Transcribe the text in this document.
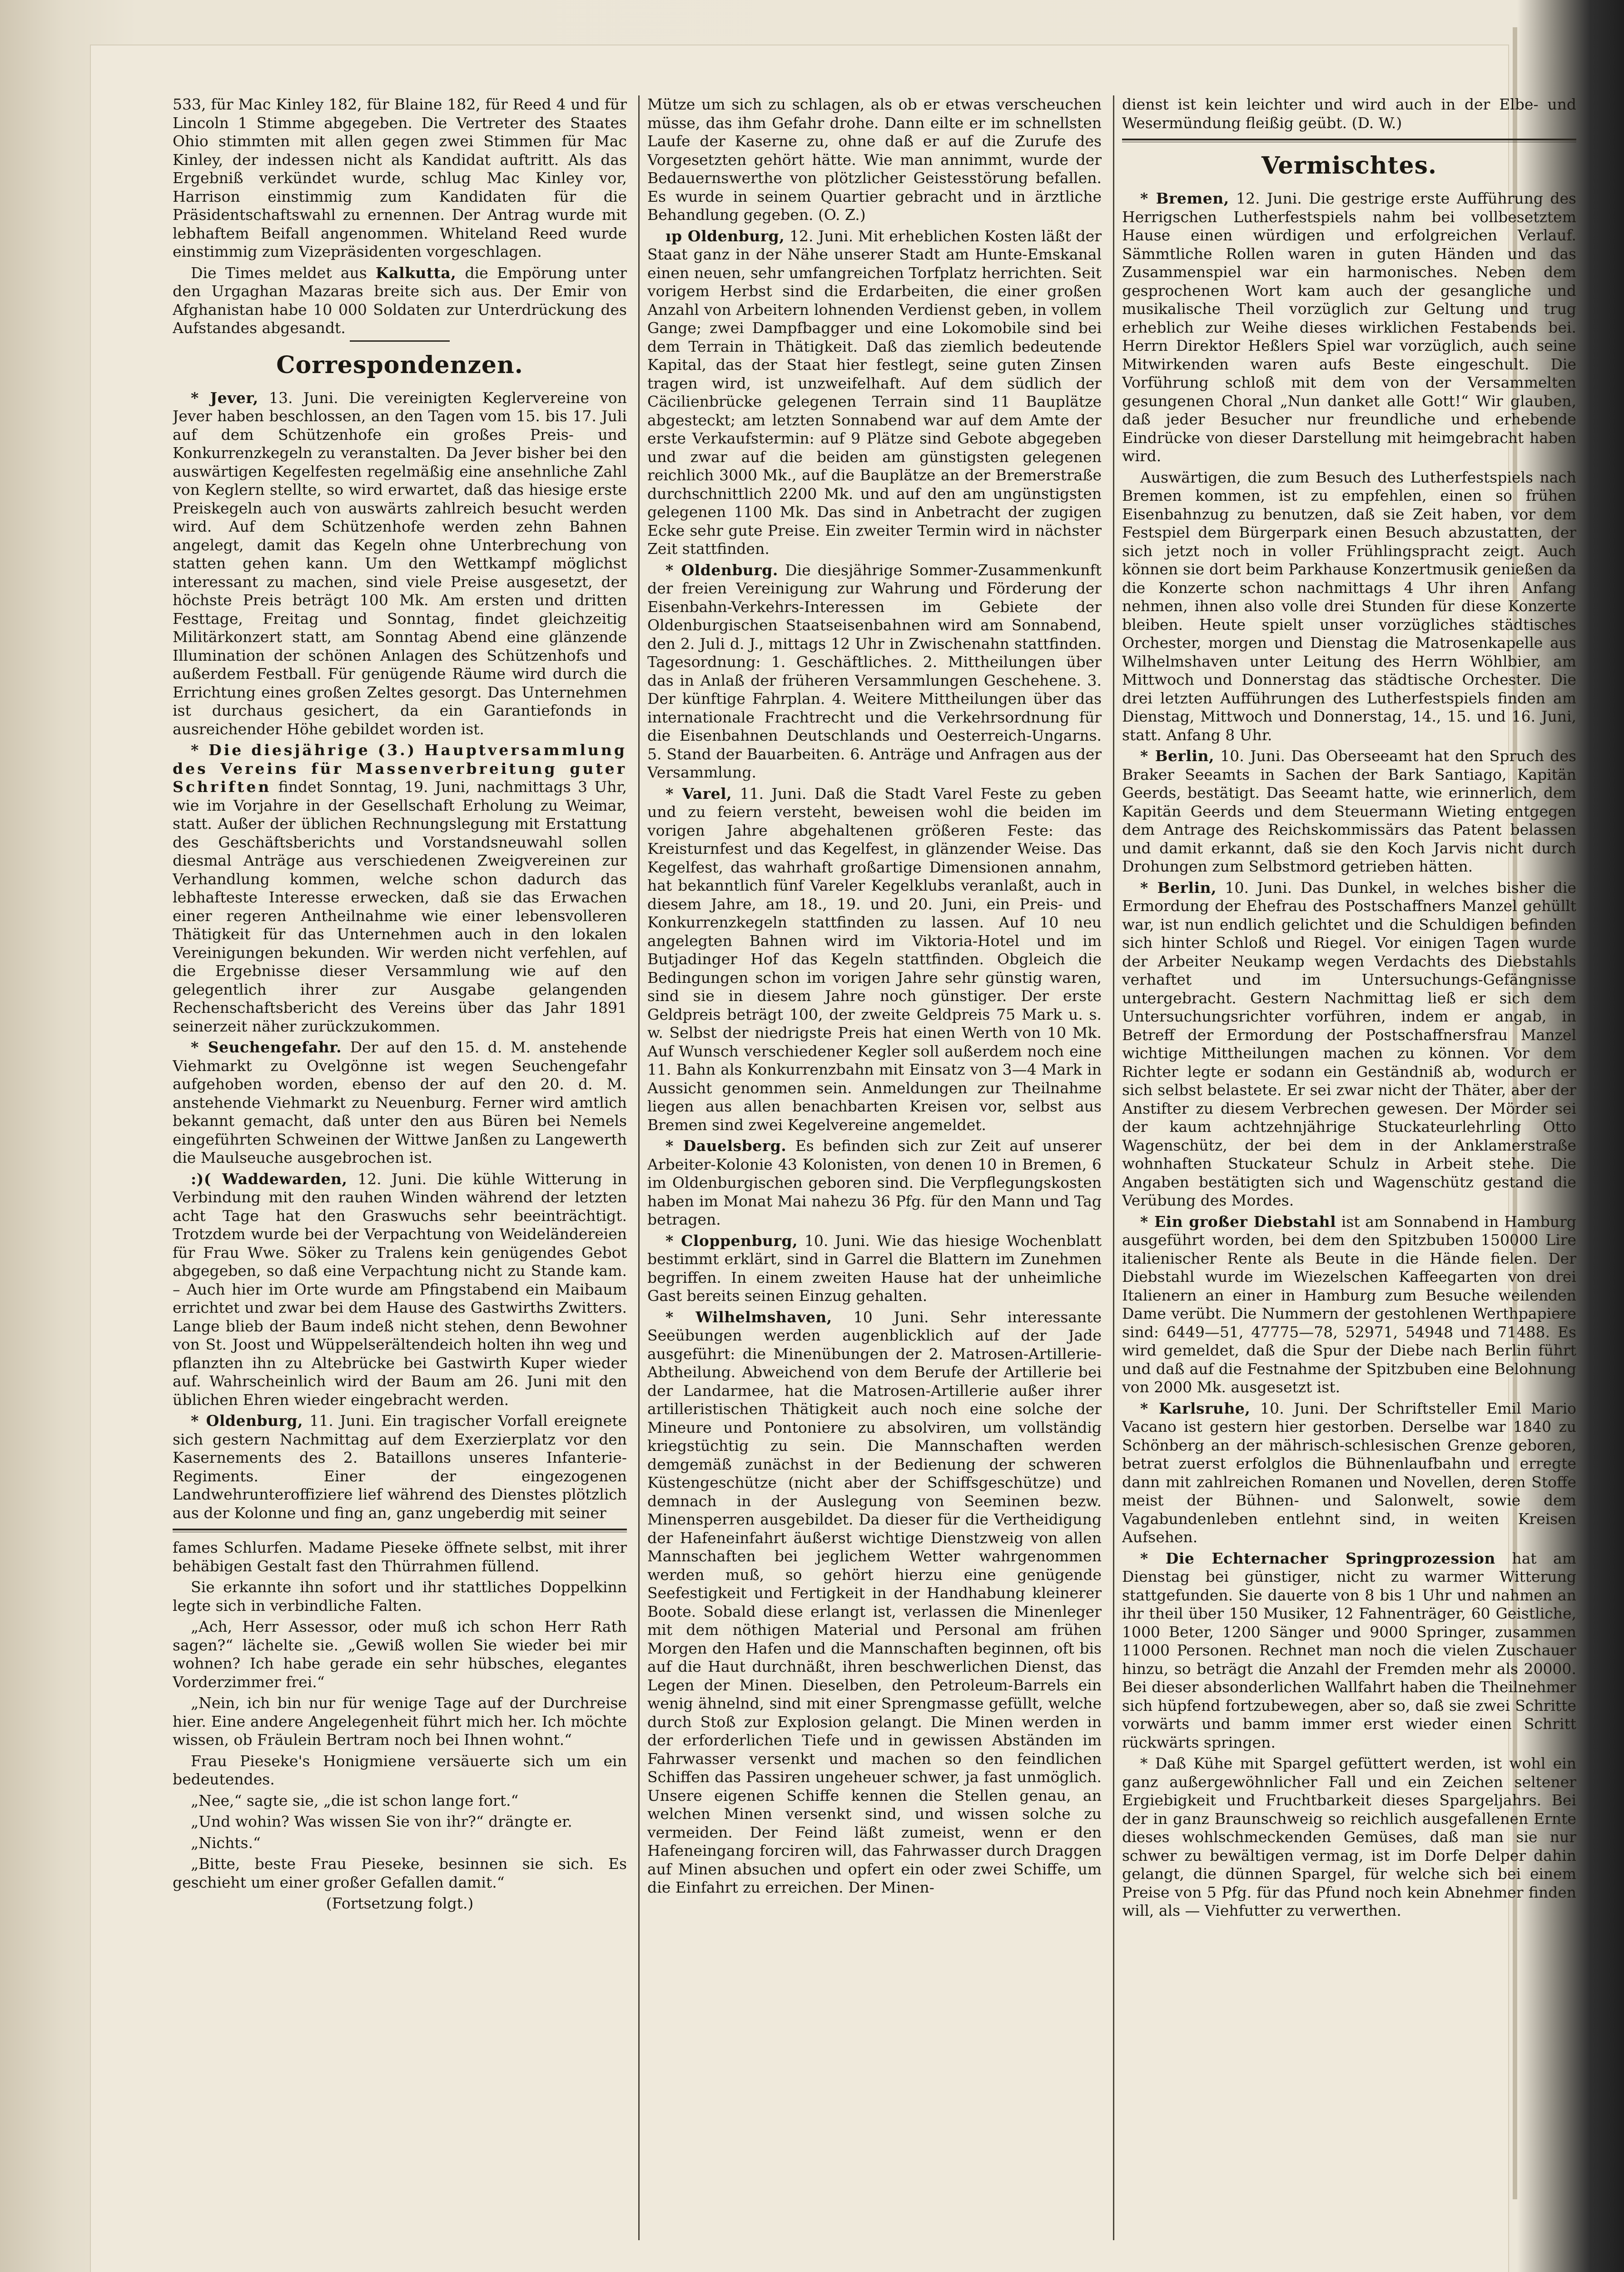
533, für Mac Kinley 182, für Blaine 182, für Reed 4 und für Lincoln 1 Stimme abgegeben. Die Vertreter des Staates Ohio stimmten mit allen gegen zwei Stimmen für Mac Kinley, der indessen nicht als Kandidat auftritt. Als das Ergebniß verkündet wurde, schlug Mac Kinley vor, Harrison einstimmig zum Kandidaten für die Präsidentschaftswahl zu ernennen. Der Antrag wurde mit lebhaftem Beifall angenommen. Whiteland Reed wurde einstimmig zum Vizepräsidenten vorgeschlagen.

Die Times meldet aus Kalkutta, die Empörung unter den Urgaghan Mazaras breite sich aus. Der Emir von Afghanistan habe 10 000 Soldaten zur Unterdrückung des Aufstandes abgesandt.

Correspondenzen.

* Jever, 13. Juni. Die vereinigten Keglervereine von Jever haben beschlossen, an den Tagen vom 15. bis 17. Juli auf dem Schützenhofe ein großes Preis- und Konkurrenzkegeln zu veranstalten. Da Jever bisher bei den auswärtigen Kegelfesten regelmäßig eine ansehnliche Zahl von Keglern stellte, so wird erwartet, daß das hiesige erste Preiskegeln auch von auswärts zahlreich besucht werden wird. Auf dem Schützenhofe werden zehn Bahnen angelegt, damit das Kegeln ohne Unterbrechung von statten gehen kann. Um den Wettkampf möglichst interessant zu machen, sind viele Preise ausgesetzt, der höchste Preis beträgt 100 Mk. Am ersten und dritten Festtage, Freitag und Sonntag, findet gleichzeitig Militärkonzert statt, am Sonntag Abend eine glänzende Illumination der schönen Anlagen des Schützenhofs und außerdem Festball. Für genügende Räume wird durch die Errichtung eines großen Zeltes gesorgt. Das Unternehmen ist durchaus gesichert, da ein Garantiefonds in ausreichender Höhe gebildet worden ist.

* Die diesjährige (3.) Hauptversammlung des Vereins für Massenverbreitung guter Schriften findet Sonntag, 19. Juni, nachmittags 3 Uhr, wie im Vorjahre in der Gesellschaft Erholung zu Weimar, statt. Außer der üblichen Rechnungslegung mit Erstattung des Geschäftsberichts und Vorstandsneuwahl sollen diesmal Anträge aus verschiedenen Zweigvereinen zur Verhandlung kommen, welche schon dadurch das lebhafteste Interesse erwecken, daß sie das Erwachen einer regeren Antheilnahme wie einer lebensvolleren Thätigkeit für das Unternehmen auch in den lokalen Vereinigungen bekunden. Wir werden nicht verfehlen, auf die Ergebnisse dieser Versammlung wie auf den gelegentlich ihrer zur Ausgabe gelangenden Rechenschaftsbericht des Vereins über das Jahr 1891 seinerzeit näher zurückzukommen.

* Seuchengefahr. Der auf den 15. d. M. anstehende Viehmarkt zu Ovelgönne ist wegen Seuchengefahr aufgehoben worden, ebenso der auf den 20. d. M. anstehende Viehmarkt zu Neuenburg. Ferner wird amtlich bekannt gemacht, daß unter den aus Büren bei Nemels eingeführten Schweinen der Wittwe Janßen zu Langewerth die Maulseuche ausgebrochen ist.

:)( Waddewarden, 12. Juni. Die kühle Witterung in Verbindung mit den rauhen Winden während der letzten acht Tage hat den Graswuchs sehr beeinträchtigt. Trotzdem wurde bei der Verpachtung von Weideländereien für Frau Wwe. Söker zu Tralens kein genügendes Gebot abgegeben, so daß eine Verpachtung nicht zu Stande kam. – Auch hier im Orte wurde am Pfingstabend ein Maibaum errichtet und zwar bei dem Hause des Gastwirths Zwitters. Lange blieb der Baum indeß nicht stehen, denn Bewohner von St. Joost und Wüppelserältendeich holten ihn weg und pflanzten ihn zu Altebrücke bei Gastwirth Kuper wieder auf. Wahrscheinlich wird der Baum am 26. Juni mit den üblichen Ehren wieder eingebracht werden.

* Oldenburg, 11. Juni. Ein tragischer Vorfall ereignete sich gestern Nachmittag auf dem Exerzierplatz vor den Kasernements des 2. Bataillons unseres Infanterie-Regiments. Einer der eingezogenen Landwehrunteroffiziere lief während des Dienstes plötzlich aus der Kolonne und fing an, ganz ungeberdig mit seiner

fames Schlurfen. Madame Pieseke öffnete selbst, mit ihrer behäbigen Gestalt fast den Thürrahmen füllend.

Sie erkannte ihn sofort und ihr stattliches Doppelkinn legte sich in verbindliche Falten.

„Ach, Herr Assessor, oder muß ich schon Herr Rath sagen?“ lächelte sie. „Gewiß wollen Sie wieder bei mir wohnen? Ich habe gerade ein sehr hübsches, elegantes Vorderzimmer frei.“

„Nein, ich bin nur für wenige Tage auf der Durchreise hier. Eine andere Angelegenheit führt mich her. Ich möchte wissen, ob Fräulein Bertram noch bei Ihnen wohnt.“

Frau Pieseke's Honigmiene versäuerte sich um ein bedeutendes.

„Nee,“ sagte sie, „die ist schon lange fort.“

„Und wohin? Was wissen Sie von ihr?“ drängte er.

„Nichts.“

„Bitte, beste Frau Pieseke, besinnen sie sich. Es geschieht um einer großer Gefallen damit.“

(Fortsetzung folgt.)

Mütze um sich zu schlagen, als ob er etwas verscheuchen müsse, das ihm Gefahr drohe. Dann eilte er im schnellsten Laufe der Kaserne zu, ohne daß er auf die Zurufe des Vorgesetzten gehört hätte. Wie man annimmt, wurde der Bedauernswerthe von plötzlicher Geistesstörung befallen. Es wurde in seinem Quartier gebracht und in ärztliche Behandlung gegeben. (O. Z.)

ıp Oldenburg, 12. Juni. Mit erheblichen Kosten läßt der Staat ganz in der Nähe unserer Stadt am Hunte-Emskanal einen neuen, sehr umfangreichen Torfplatz herrichten. Seit vorigem Herbst sind die Erdarbeiten, die einer großen Anzahl von Arbeitern lohnenden Verdienst geben, in vollem Gange; zwei Dampfbagger und eine Lokomobile sind bei dem Terrain in Thätigkeit. Daß das ziemlich bedeutende Kapital, das der Staat hier festlegt, seine guten Zinsen tragen wird, ist unzweifelhaft. Auf dem südlich der Cäcilienbrücke gelegenen Terrain sind 11 Bauplätze abgesteckt; am letzten Sonnabend war auf dem Amte der erste Verkaufstermin: auf 9 Plätze sind Gebote abgegeben und zwar auf die beiden am günstigsten gelegenen reichlich 3000 Mk., auf die Bauplätze an der Bremerstraße durchschnittlich 2200 Mk. und auf den am ungünstigsten gelegenen 1100 Mk. Das sind in Anbetracht der zugigen Ecke sehr gute Preise. Ein zweiter Termin wird in nächster Zeit stattfinden.

* Oldenburg. Die diesjährige Sommer-Zusammenkunft der freien Vereinigung zur Wahrung und Förderung der Eisenbahn-Verkehrs-Interessen im Gebiete der Oldenburgischen Staatseisenbahnen wird am Sonnabend, den 2. Juli d. J., mittags 12 Uhr in Zwischenahn stattfinden. Tagesordnung: 1. Geschäftliches. 2. Mittheilungen über das in Anlaß der früheren Versammlungen Geschehene. 3. Der künftige Fahrplan. 4. Weitere Mittheilungen über das internationale Frachtrecht und die Verkehrsordnung für die Eisenbahnen Deutschlands und Oesterreich-Ungarns. 5. Stand der Bauarbeiten. 6. Anträge und Anfragen aus der Versammlung.

* Varel, 11. Juni. Daß die Stadt Varel Feste zu geben und zu feiern versteht, beweisen wohl die beiden im vorigen Jahre abgehaltenen größeren Feste: das Kreisturnfest und das Kegelfest, in glänzender Weise. Das Kegelfest, das wahrhaft großartige Dimensionen annahm, hat bekanntlich fünf Vareler Kegelklubs veranlaßt, auch in diesem Jahre, am 18., 19. und 20. Juni, ein Preis- und Konkurrenzkegeln stattfinden zu lassen. Auf 10 neu angelegten Bahnen wird im Viktoria-Hotel und im Butjadinger Hof das Kegeln stattfinden. Obgleich die Bedingungen schon im vorigen Jahre sehr günstig waren, sind sie in diesem Jahre noch günstiger. Der erste Geldpreis beträgt 100, der zweite Geldpreis 75 Mark u. s. w. Selbst der niedrigste Preis hat einen Werth von 10 Mk. Auf Wunsch verschiedener Kegler soll außerdem noch eine 11. Bahn als Konkurrenzbahn mit Einsatz von 3—4 Mark in Aussicht genommen sein. Anmeldungen zur Theilnahme liegen aus allen benachbarten Kreisen vor, selbst aus Bremen sind zwei Kegelvereine angemeldet.

* Dauelsberg. Es befinden sich zur Zeit auf unserer Arbeiter-Kolonie 43 Kolonisten, von denen 10 in Bremen, 6 im Oldenburgischen geboren sind. Die Verpflegungskosten haben im Monat Mai nahezu 36 Pfg. für den Mann und Tag betragen.

* Cloppenburg, 10. Juni. Wie das hiesige Wochenblatt bestimmt erklärt, sind in Garrel die Blattern im Zunehmen begriffen. In einem zweiten Hause hat der unheimliche Gast bereits seinen Einzug gehalten.

* Wilhelmshaven, 10 Juni. Sehr interessante Seeübungen werden augenblicklich auf der Jade ausgeführt: die Minenübungen der 2. Matrosen-Artillerie-Abtheilung. Abweichend von dem Berufe der Artillerie bei der Landarmee, hat die Matrosen-Artillerie außer ihrer artilleristischen Thätigkeit auch noch eine solche der Mineure und Pontoniere zu absolviren, um vollständig kriegstüchtig zu sein. Die Mannschaften werden demgemäß zunächst in der Bedienung der schweren Küstengeschütze (nicht aber der Schiffsgeschütze) und demnach in der Auslegung von Seeminen bezw. Minensperren ausgebildet. Da dieser für die Vertheidigung der Hafeneinfahrt äußerst wichtige Dienstzweig von allen Mannschaften bei jeglichem Wetter wahrgenommen werden muß, so gehört hierzu eine genügende Seefestigkeit und Fertigkeit in der Handhabung kleinerer Boote. Sobald diese erlangt ist, verlassen die Minenleger mit dem nöthigen Material und Personal am frühen Morgen den Hafen und die Mannschaften beginnen, oft bis auf die Haut durchnäßt, ihren beschwerlichen Dienst, das Legen der Minen. Dieselben, den Petroleum-Barrels ein wenig ähnelnd, sind mit einer Sprengmasse gefüllt, welche durch Stoß zur Explosion gelangt. Die Minen werden in der erforderlichen Tiefe und in gewissen Abständen im Fahrwasser versenkt und machen so den feindlichen Schiffen das Passiren ungeheuer schwer, ja fast unmöglich. Unsere eigenen Schiffe kennen die Stellen genau, an welchen Minen versenkt sind, und wissen solche zu vermeiden. Der Feind läßt zumeist, wenn er den Hafeneingang forciren will, das Fahrwasser durch Draggen auf Minen absuchen und opfert ein oder zwei Schiffe, um die Einfahrt zu erreichen. Der Minen-

dienst ist kein leichter und wird auch in der Elbe- und Wesermündung fleißig geübt. (D. W.)

Vermischtes.

* Bremen, 12. Juni. Die gestrige erste Aufführung des Herrigschen Lutherfestspiels nahm bei vollbesetztem Hause einen würdigen und erfolgreichen Verlauf. Sämmtliche Rollen waren in guten Händen und das Zusammenspiel war ein harmonisches. Neben dem gesprochenen Wort kam auch der gesangliche und musikalische Theil vorzüglich zur Geltung und trug erheblich zur Weihe dieses wirklichen Festabends bei. Herrn Direktor Heßlers Spiel war vorzüglich, auch seine Mitwirkenden waren aufs Beste eingeschult. Die Vorführung schloß mit dem von der Versammelten gesungenen Choral „Nun danket alle Gott!“ Wir glauben, daß jeder Besucher nur freundliche und erhebende Eindrücke von dieser Darstellung mit heimgebracht haben wird.

Auswärtigen, die zum Besuch des Lutherfestspiels nach Bremen kommen, ist zu empfehlen, einen so frühen Eisenbahnzug zu benutzen, daß sie Zeit haben, vor dem Festspiel dem Bürgerpark einen Besuch abzustatten, der sich jetzt noch in voller Frühlingspracht zeigt. Auch können sie dort beim Parkhause Konzertmusik genießen da die Konzerte schon nachmittags 4 Uhr ihren Anfang nehmen, ihnen also volle drei Stunden für diese Konzerte bleiben. Heute spielt unser vorzügliches städtisches Orchester, morgen und Dienstag die Matrosenkapelle aus Wilhelmshaven unter Leitung des Herrn Wöhlbier, am Mittwoch und Donnerstag das städtische Orchester. Die drei letzten Aufführungen des Lutherfestspiels finden am Dienstag, Mittwoch und Donnerstag, 14., 15. und 16. Juni, statt. Anfang 8 Uhr.

* Berlin, 10. Juni. Das Oberseeamt hat den Spruch des Braker Seeamts in Sachen der Bark Santiago, Kapitän Geerds, bestätigt. Das Seeamt hatte, wie erinnerlich, dem Kapitän Geerds und dem Steuermann Wieting entgegen dem Antrage des Reichskommissärs das Patent belassen und damit erkannt, daß sie den Koch Jarvis nicht durch Drohungen zum Selbstmord getrieben hätten.

* Berlin, 10. Juni. Das Dunkel, in welches bisher die Ermordung der Ehefrau des Postschaffners Manzel gehüllt war, ist nun endlich gelichtet und die Schuldigen befinden sich hinter Schloß und Riegel. Vor einigen Tagen wurde der Arbeiter Neukamp wegen Verdachts des Diebstahls verhaftet und im Untersuchungs-Gefängnisse untergebracht. Gestern Nachmittag ließ er sich dem Untersuchungsrichter vorführen, indem er angab, in Betreff der Ermordung der Postschaffnersfrau Manzel wichtige Mittheilungen machen zu können. Vor dem Richter legte er sodann ein Geständniß ab, wodurch er sich selbst belastete. Er sei zwar nicht der Thäter, aber der Anstifter zu diesem Verbrechen gewesen. Der Mörder sei der kaum achtzehnjährige Stuckateurlehrling Otto Wagenschütz, der bei dem in der Anklamerstraße wohnhaften Stuckateur Schulz in Arbeit stehe. Die Angaben bestätigten sich und Wagenschütz gestand die Verübung des Mordes.

* Ein großer Diebstahl ist am Sonnabend in Hamburg ausgeführt worden, bei dem den Spitzbuben 150000 Lire italienischer Rente als Beute in die Hände fielen. Der Diebstahl wurde im Wiezelschen Kaffeegarten von drei Italienern an einer in Hamburg zum Besuche weilenden Dame verübt. Die Nummern der gestohlenen Werthpapiere sind: 6449—51, 47775—78, 52971, 54948 und 71488. Es wird gemeldet, daß die Spur der Diebe nach Berlin führt und daß auf die Festnahme der Spitzbuben eine Belohnung von 2000 Mk. ausgesetzt ist.

* Karlsruhe, 10. Juni. Der Schriftsteller Emil Mario Vacano ist gestern hier gestorben. Derselbe war 1840 zu Schönberg an der mährisch-schlesischen Grenze geboren, betrat zuerst erfolglos die Bühnenlaufbahn und erregte dann mit zahlreichen Romanen und Novellen, deren Stoffe meist der Bühnen- und Salonwelt, sowie dem Vagabundenleben entlehnt sind, in weiten Kreisen Aufsehen.

* Die Echternacher Springprozession hat am Dienstag bei günstiger, nicht zu warmer Witterung stattgefunden. Sie dauerte von 8 bis 1 Uhr und nahmen an ihr theil über 150 Musiker, 12 Fahnenträger, 60 Geistliche, 1000 Beter, 1200 Sänger und 9000 Springer, zusammen 11000 Personen. Rechnet man noch die vielen Zuschauer hinzu, so beträgt die Anzahl der Fremden mehr als 20000. Bei dieser absonderlichen Wallfahrt haben die Theilnehmer sich hüpfend fortzubewegen, aber so, daß sie zwei Schritte vorwärts und bamm immer erst wieder einen Schritt rückwärts springen.

* Daß Kühe mit Spargel gefüttert werden, ist wohl ein ganz außergewöhnlicher Fall und ein Zeichen seltener Ergiebigkeit und Fruchtbarkeit dieses Spargeljahrs. Bei der in ganz Braunschweig so reichlich ausgefallenen Ernte dieses wohlschmeckenden Gemüses, daß man sie nur schwer zu bewältigen vermag, ist im Dorfe Delper dahin gelangt, die dünnen Spargel, für welche sich bei einem Preise von 5 Pfg. für das Pfund noch kein Abnehmer finden will, als — Viehfutter zu verwerthen.
